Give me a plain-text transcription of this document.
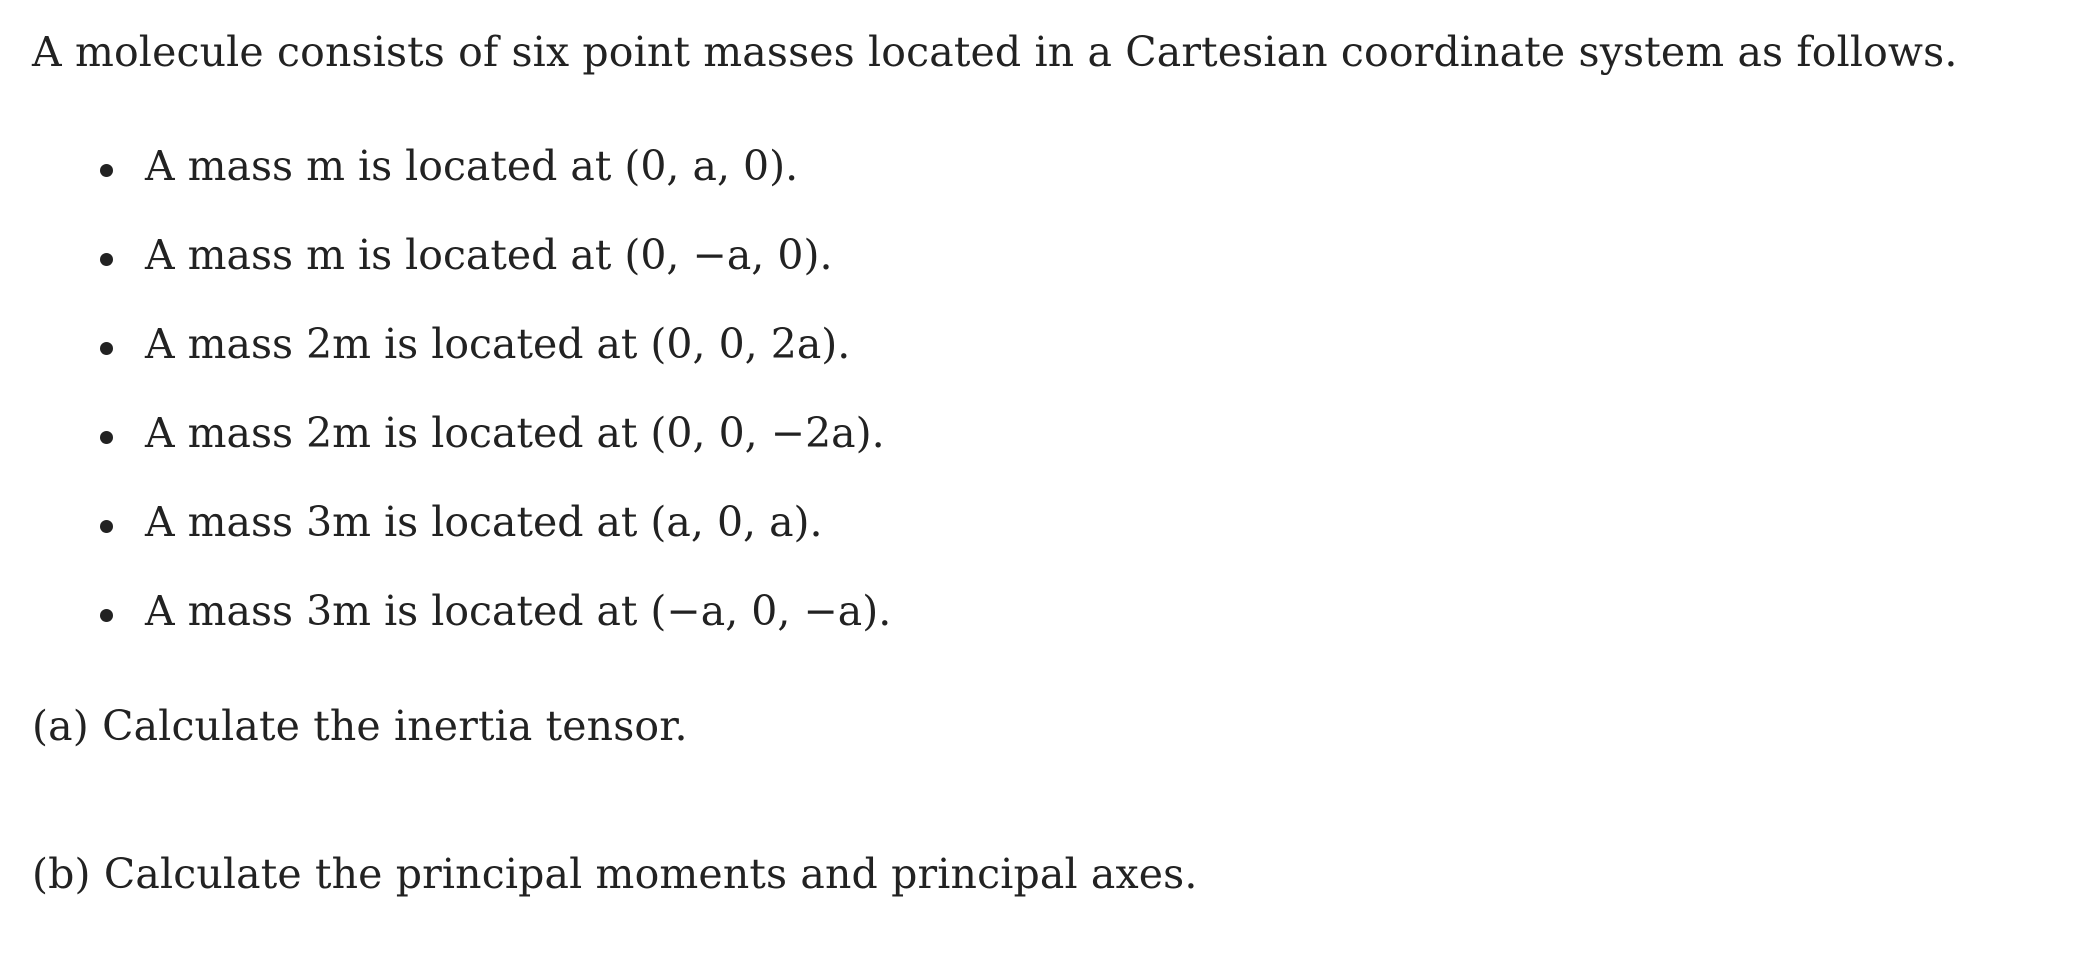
A molecule consists of six point masses located in a Cartesian coordinate system as follows.
A mass m is located at (0, a, 0).
A mass m is located at (0, −a, 0).
A mass 2m is located at (0, 0, 2a).
A mass 2m is located at (0, 0, −2a).
A mass 3m is located at (a, 0, a).
A mass 3m is located at (−a, 0, −a).
(a) Calculate the inertia tensor.
(b) Calculate the principal moments and principal axes.
